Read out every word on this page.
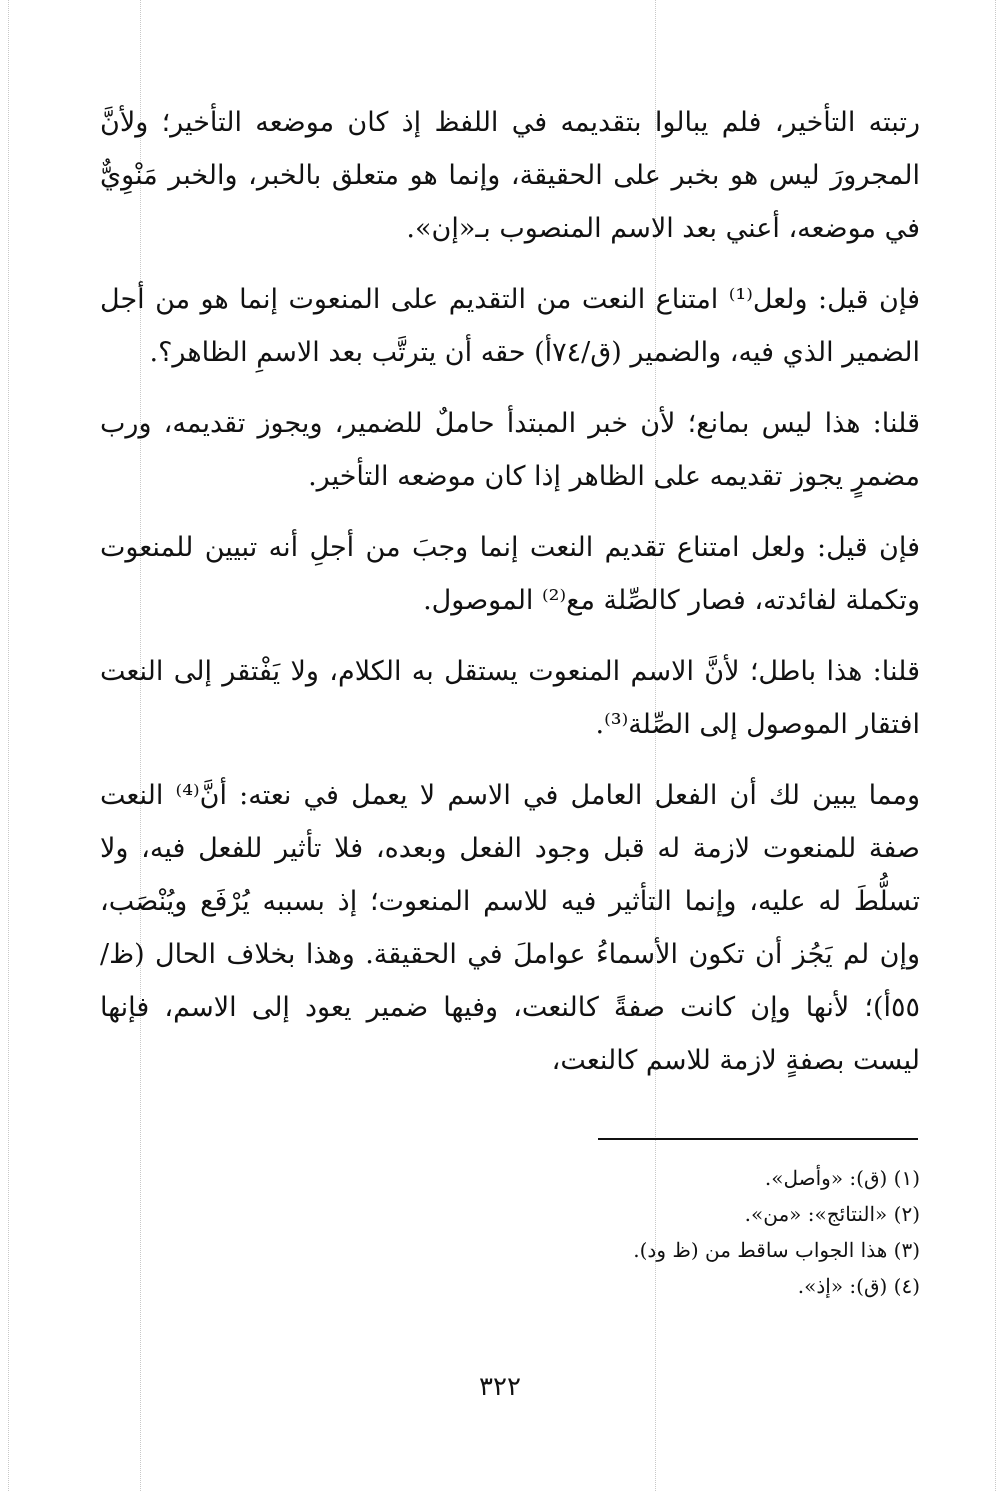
رتبته التأخير، فلم يبالوا بتقديمه في اللفظ إذ كان موضعه التأخير؛ ولأنَّ المجرورَ ليس هو بخبر على الحقيقة، وإنما هو متعلق بالخبر، والخبر مَنْوِيٌّ في موضعه، أعني بعد الاسم المنصوب بـ«إن».

فإن قيل: ولعل⁽¹⁾ امتناع النعت من التقديم على المنعوت إنما هو من أجل الضمير الذي فيه، والضمير (ق/٧٤أ) حقه أن يترتَّب بعد الاسمِ الظاهر؟.

قلنا: هذا ليس بمانع؛ لأن خبر المبتدأ حاملٌ للضمير، ويجوز تقديمه، ورب مضمرٍ يجوز تقديمه على الظاهر إذا كان موضعه التأخير.

فإن قيل: ولعل امتناع تقديم النعت إنما وجبَ من أجلِ أنه تبيين للمنعوت وتكملة لفائدته، فصار كالصِّلة مع⁽²⁾ الموصول.

قلنا: هذا باطل؛ لأنَّ الاسم المنعوت يستقل به الكلام، ولا يَفْتقر إلى النعت افتقار الموصول إلى الصِّلة⁽³⁾.

ومما يبين لك أن الفعل العامل في الاسم لا يعمل في نعته: أنَّ⁽⁴⁾ النعت صفة للمنعوت لازمة له قبل وجود الفعل وبعده، فلا تأثير للفعل فيه، ولا تسلُّطَ له عليه، وإنما التأثير فيه للاسم المنعوت؛ إذ بسببه يُرْفَع ويُنْصَب، وإن لم يَجُز أن تكون الأسماءُ عواملَ في الحقيقة. وهذا بخلاف الحال (ظ/٥٥أ)؛ لأنها وإن كانت صفةً كالنعت، وفيها ضمير يعود إلى الاسم، فإنها ليست بصفةٍ لازمة للاسم كالنعت،

(١) (ق): «وأصل».
(٢) «النتائج»: «من».
(٣) هذا الجواب ساقط من (ظ ود).
(٤) (ق): «إذ».
٣٢٢
